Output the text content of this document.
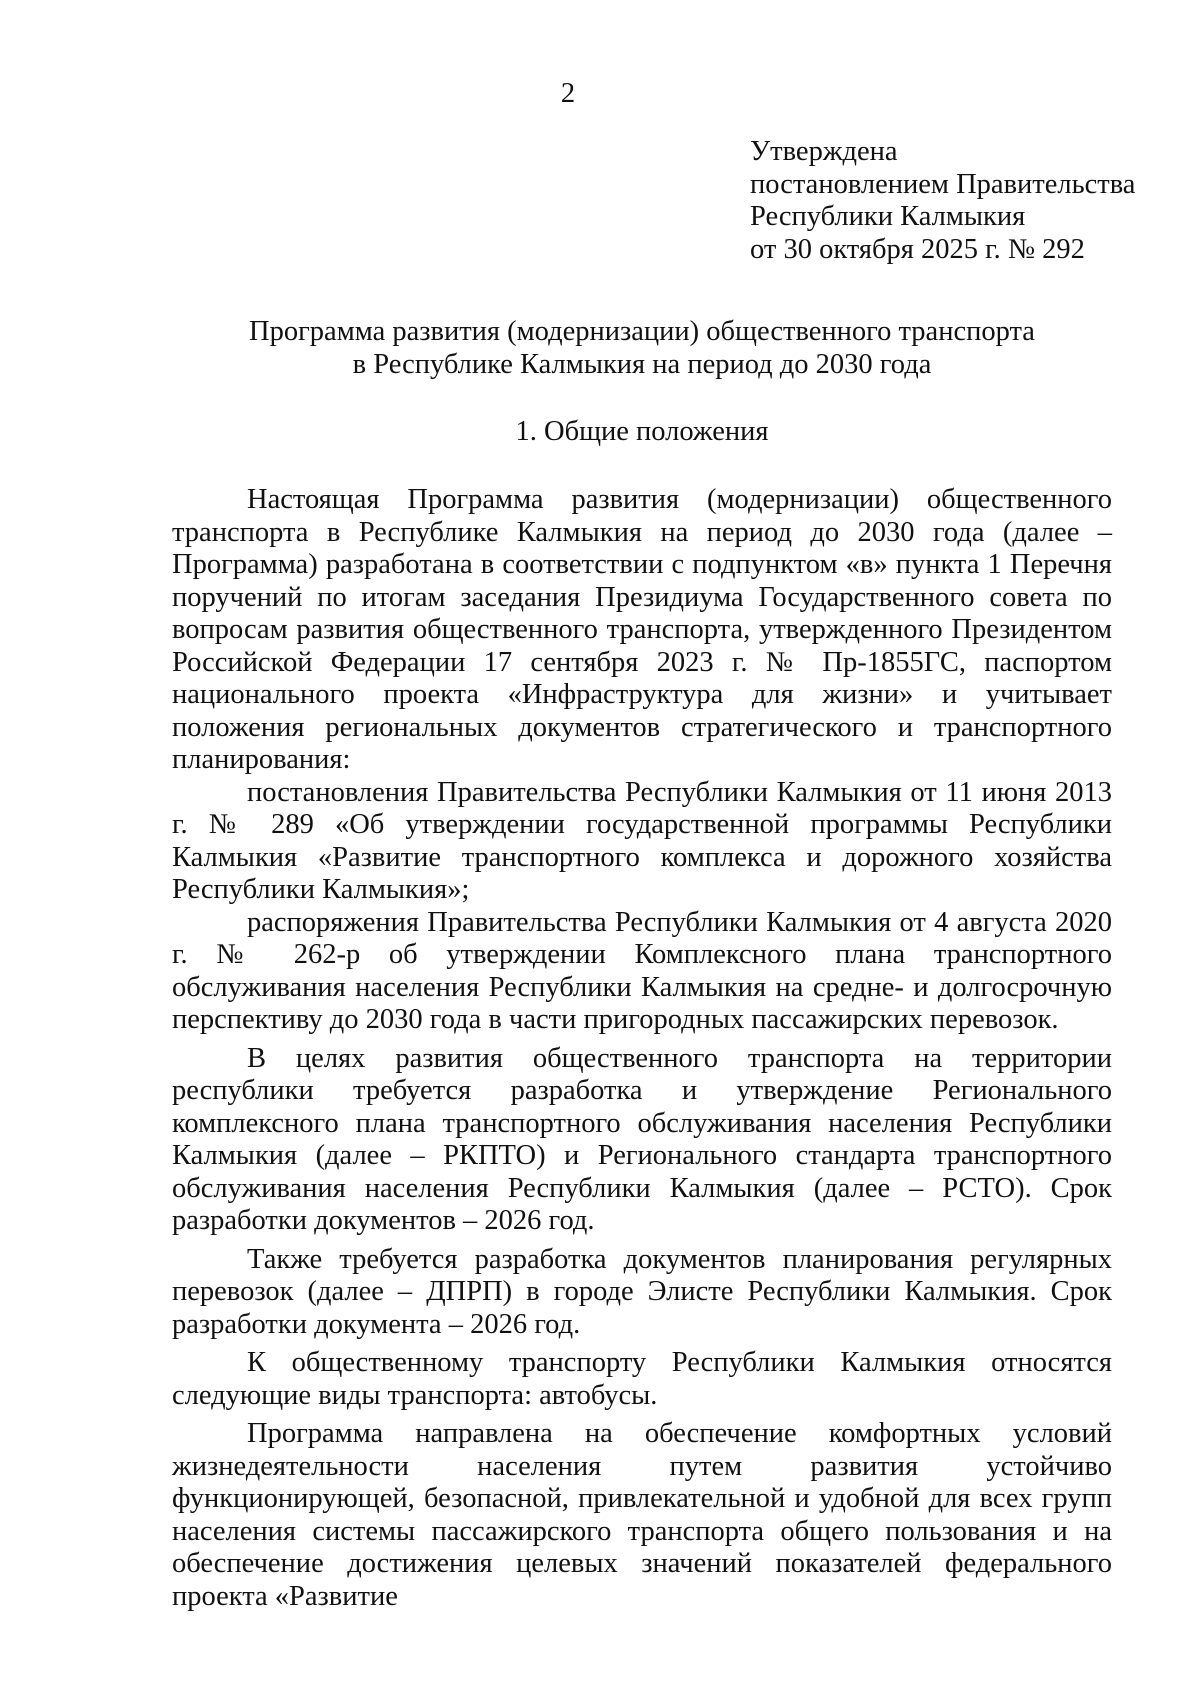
2
Утверждена
постановлением Правительства
Республики Калмыкия
от 30 октября 2025 г. № 292
Программа развития (модернизации) общественного транспорта
в Республике Калмыкия на период до 2030 года
1. Общие положения

Настоящая Программа развития (модернизации) общественного транспорта в Республике Калмыкия на период до 2030 года (далее – Программа) разработана в соответствии с подпунктом «в» пункта 1 Перечня поручений по итогам заседания Президиума Государственного совета по вопросам развития общественного транспорта, утвержденного Президентом Российской Федерации 17 сентября 2023 г. № Пр-1855ГС, паспортом национального проекта «Инфраструктура для жизни» и учитывает положения региональных документов стратегического и транспортного планирования:

постановления Правительства Республики Калмыкия от 11 июня 2013 г. № 289 «Об утверждении государственной программы Республики Калмыкия «Развитие транспортного комплекса и дорожного хозяйства Республики Калмыкия»;

распоряжения Правительства Республики Калмыкия от 4 августа 2020 г. № 262-р об утверждении Комплексного плана транспортного обслуживания населения Республики Калмыкия на средне- и долгосрочную перспективу до 2030 года в части пригородных пассажирских перевозок.

В целях развития общественного транспорта на территории республики требуется разработка и утверждение Регионального комплексного плана транспортного обслуживания населения Республики Калмыкия (далее – РКПТО) и Регионального стандарта транспортного обслуживания населения Республики Калмыкия (далее – РСТО). Срок разработки документов – 2026 год.

Также требуется разработка документов планирования регулярных перевозок (далее – ДПРП) в городе Элисте Республики Калмыкия. Срок разработки документа – 2026 год.

К общественному транспорту Республики Калмыкия относятся следующие виды транспорта: автобусы.

Программа направлена на обеспечение комфортных условий жизнедеятельности населения путем развития устойчиво функционирующей, безопасной, привлекательной и удобной для всех групп населения системы пассажирского транспорта общего пользования и на обеспечение достижения целевых значений показателей федерального проекта «Развитие
